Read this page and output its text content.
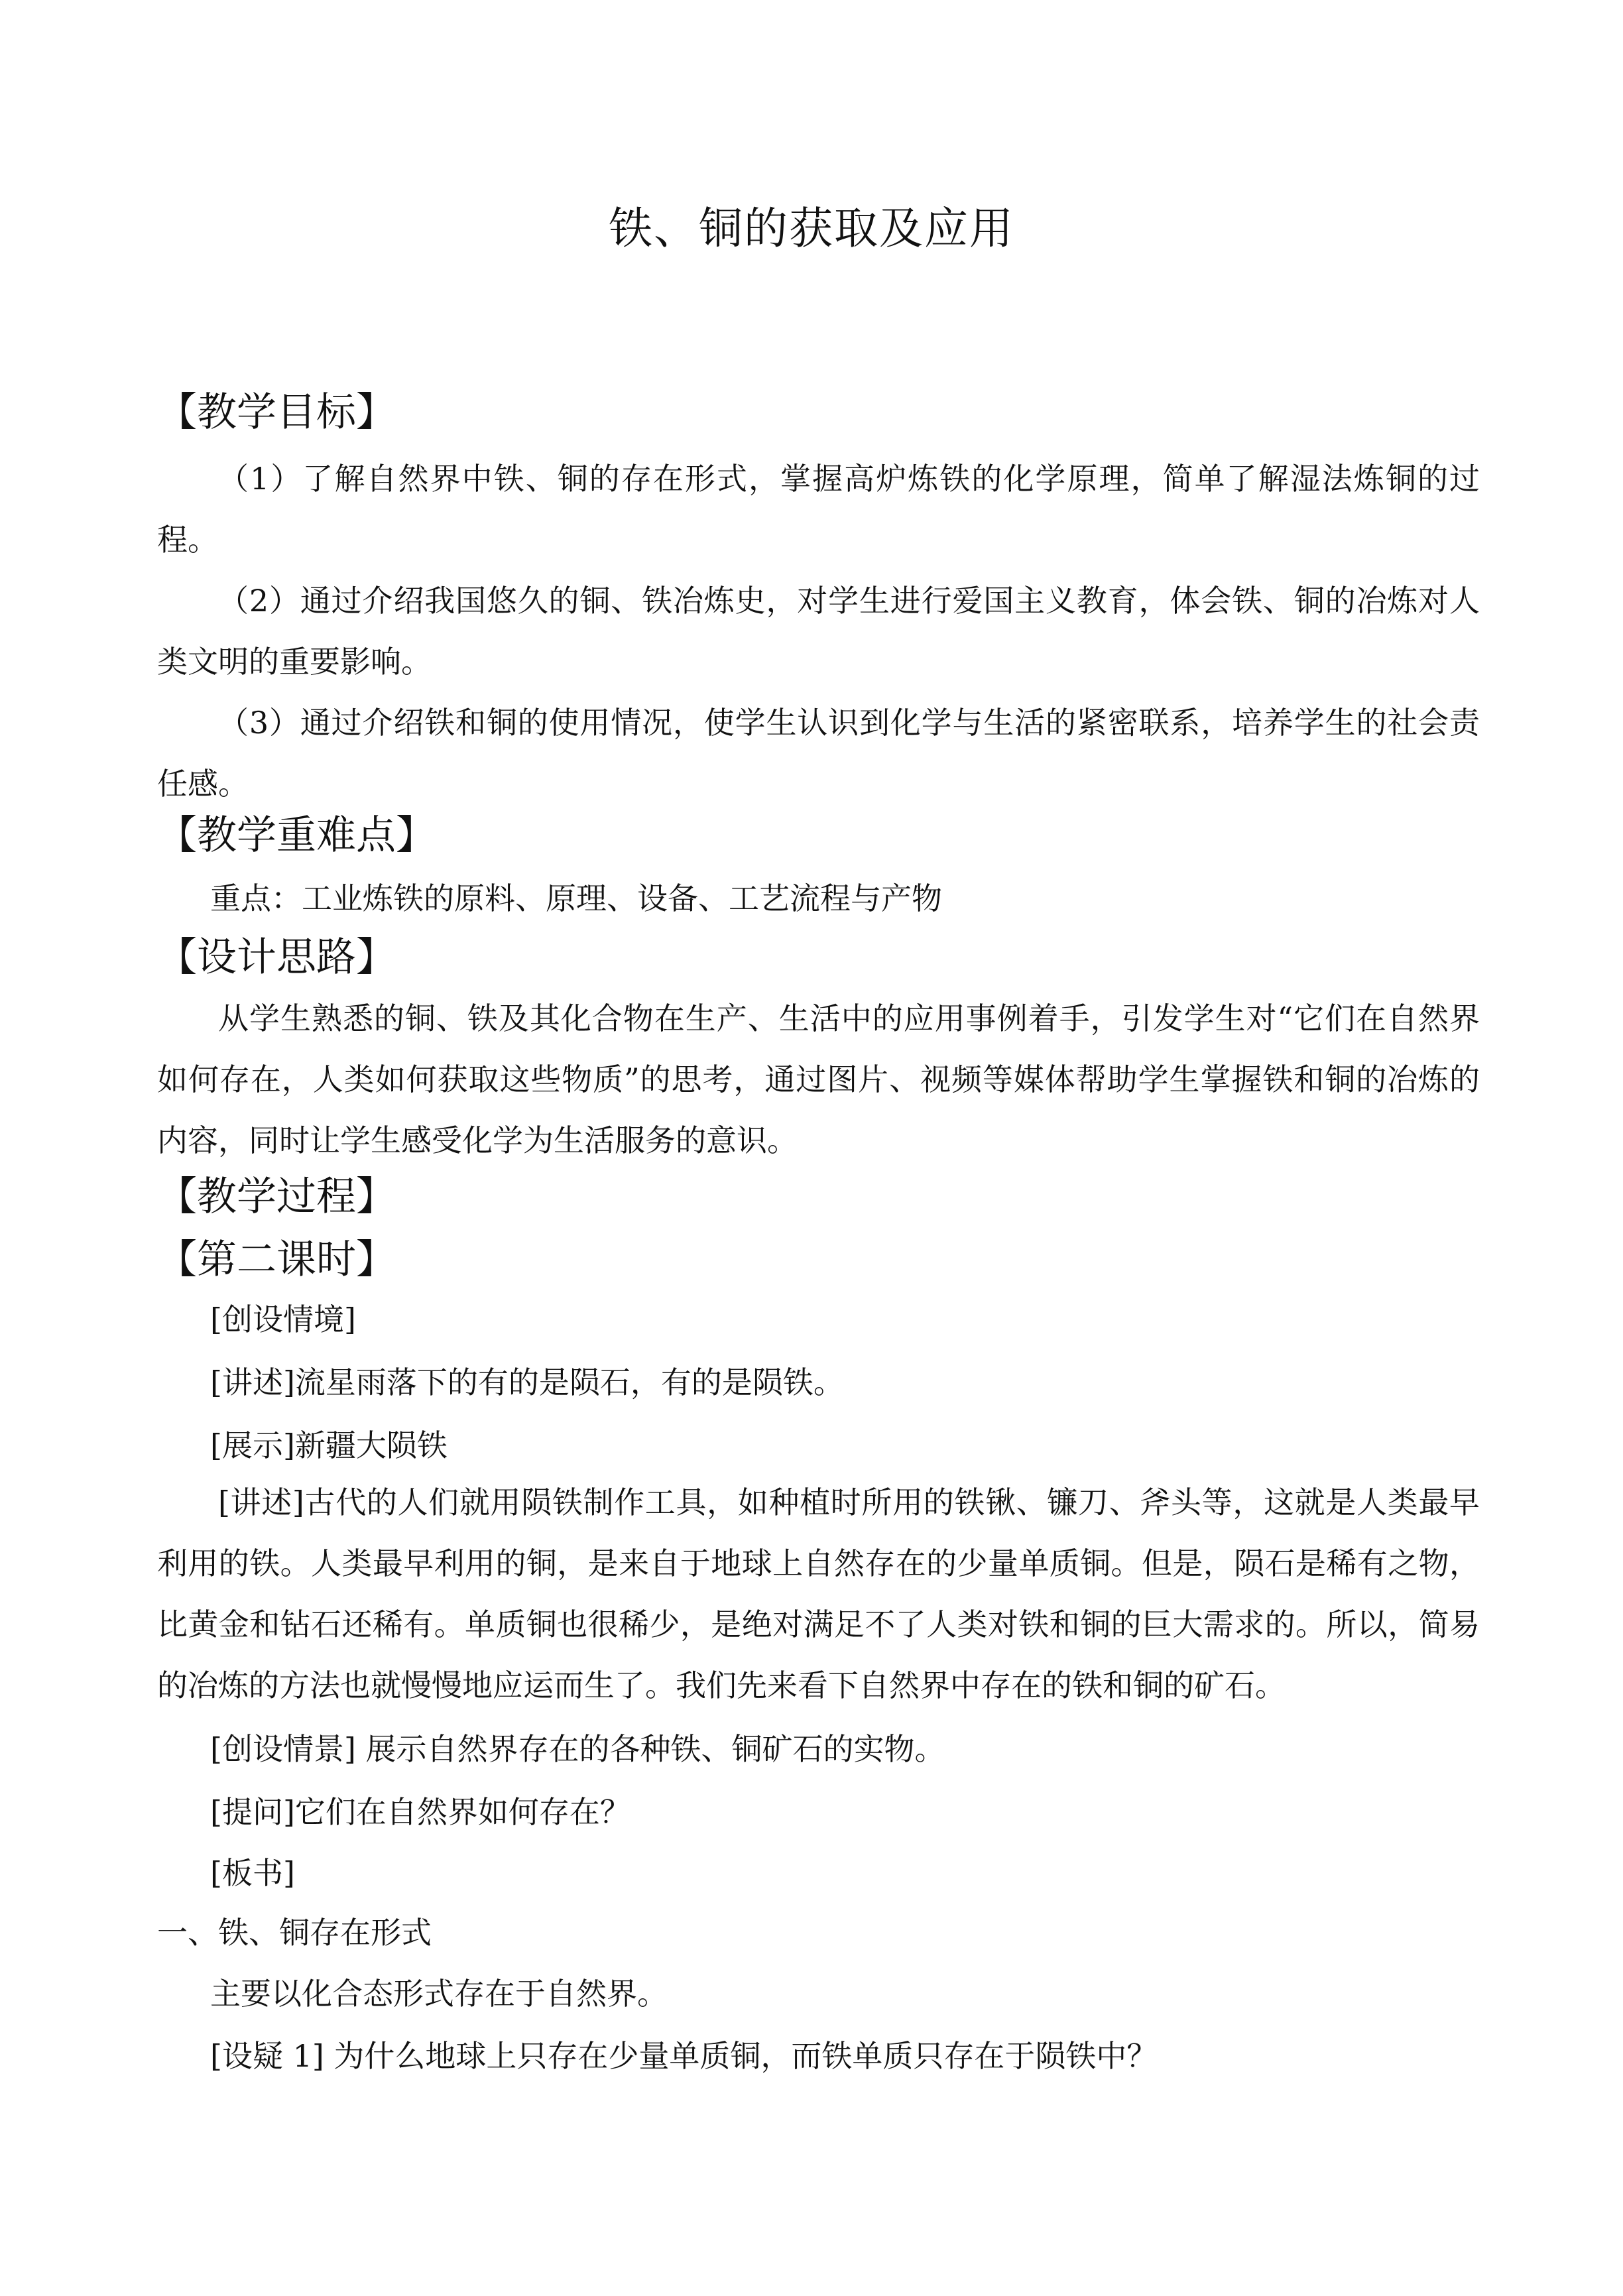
铁、铜的获取及应用
【教学目标】

（1）了解自然界中铁、铜的存在形式，掌握高炉炼铁的化学原理，简单了解湿法炼铜的过程。

（2）通过介绍我国悠久的铜、铁冶炼史，对学生进行爱国主义教育，体会铁、铜的冶炼对人类文明的重要影响。

（3）通过介绍铁和铜的使用情况，使学生认识到化学与生活的紧密联系，培养学生的社会责任感。

【教学重难点】
重点：工业炼铁的原料、原理、设备、工艺流程与产物
【设计思路】

从学生熟悉的铜、铁及其化合物在生产、生活中的应用事例着手，引发学生对“它们在自然界如何存在，人类如何获取这些物质”的思考，通过图片、视频等媒体帮助学生掌握铁和铜的冶炼的内容，同时让学生感受化学为生活服务的意识。

【教学过程】
【第二课时】
[创设情境]
[讲述]流星雨落下的有的是陨石，有的是陨铁。
[展示]新疆大陨铁

[讲述]古代的人们就用陨铁制作工具，如种植时所用的铁锹、镰刀、斧头等，这就是人类最早利用的铁。人类最早利用的铜，是来自于地球上自然存在的少量单质铜。但是，陨石是稀有之物，比黄金和钻石还稀有。单质铜也很稀少，是绝对满足不了人类对铁和铜的巨大需求的。所以，简易的冶炼的方法也就慢慢地应运而生了。我们先来看下自然界中存在的铁和铜的矿石。

[创设情景] 展示自然界存在的各种铁、铜矿石的实物。
[提问]它们在自然界如何存在？
[板书]
一、铁、铜存在形式
主要以化合态形式存在于自然界。
[设疑 1] 为什么地球上只存在少量单质铜，而铁单质只存在于陨铁中？
